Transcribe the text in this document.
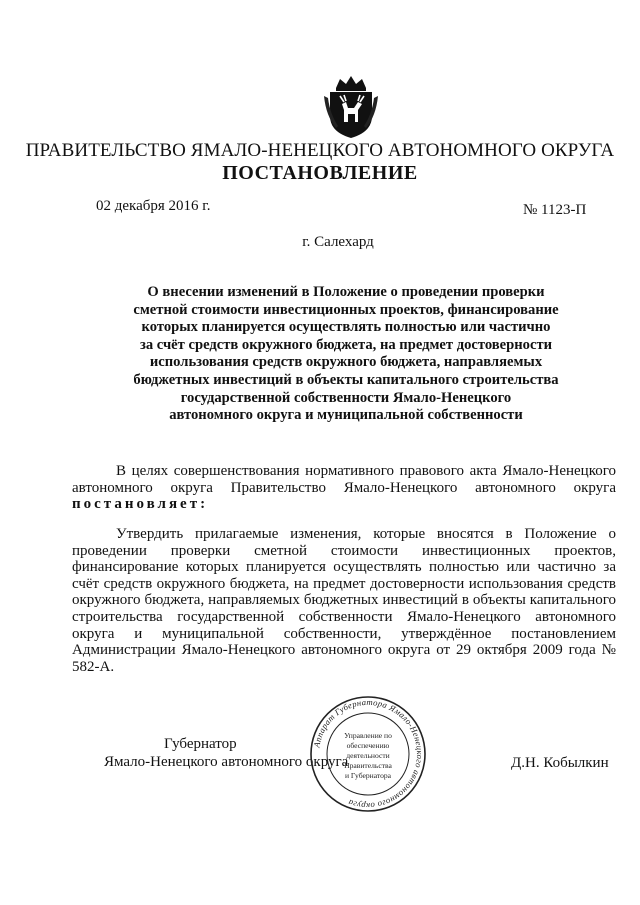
ПРАВИТЕЛЬСТВО ЯМАЛО-НЕНЕЦКОГО АВТОНОМНОГО ОКРУГА
ПОСТАНОВЛЕНИЕ
02 декабря 2016 г.	№ 1123-П
г. Салехард
О внесении изменений в Положение о проведении проверки
сметной стоимости инвестиционных проектов, финансирование
которых планируется осуществлять полностью или частично
за счёт средств окружного бюджета, на предмет достоверности
использования средств окружного бюджета, направляемых
бюджетных инвестиций в объекты капитального строительства
государственной собственности Ямало-Ненецкого
автономного округа и муниципальной собственности
В целях совершенствования нормативного правового акта Ямало-Ненецкого автономного округа Правительство Ямало-Ненецкого автономного округа постановляет:
Утвердить прилагаемые изменения, которые вносятся в Положение о проведении проверки сметной стоимости инвестиционных проектов, финансирование которых планируется осуществлять полностью или частично за счёт средств окружного бюджета, на предмет достоверности использования средств окружного бюджета, направляемых бюджетных инвестиций в объекты капитального строительства государственной собственности Ямало-Ненецкого автономного округа и муниципальной собственности, утверждённое постановлением Администрации Ямало-Ненецкого автономного округа от 29 октября 2009 года № 582-А.
Губернатор
Ямало-Ненецкого автономного округа	Д.Н. Кобылкин
Аппарат Губернатора Ямало-Ненецкого автономного округа
Управление по
обеспечению
деятельности
Правительства
и Губернатора
